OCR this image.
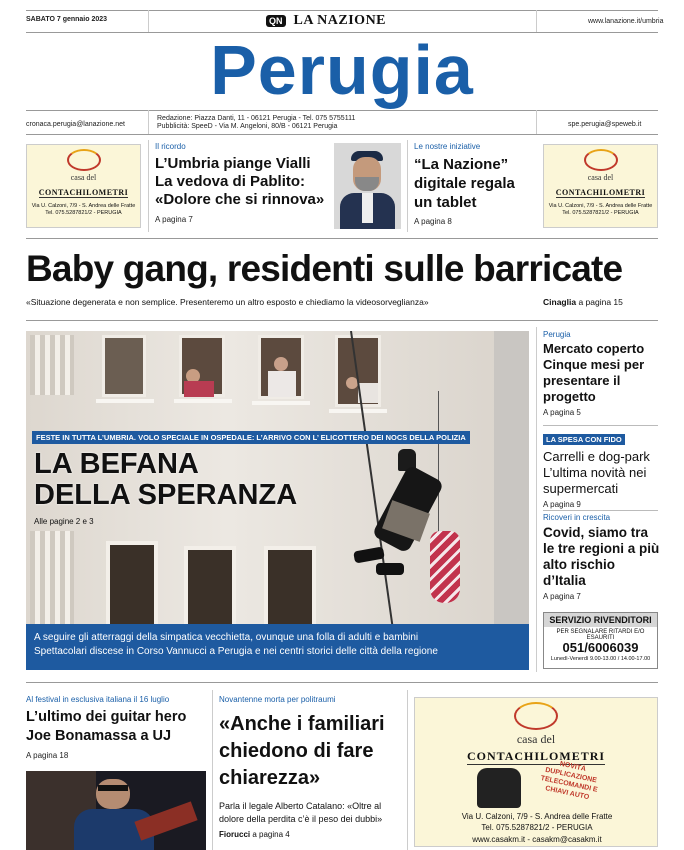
SABATO 7 gennaio 2023	QN LA NAZIONE	www.lanazione.it/umbria
Perugia
cronaca.perugia@lanazione.net
Redazione: Piazza Danti, 11 - 06121 Perugia - Tel. 075 5755111
Pubblicità: SpeeD - Via M. Angeloni, 80/B - 06121 Perugia	spe.perugia@speweb.it
casa del
CONTACHILOMETRI
Via U. Calzoni, 7/9 - S. Andrea delle Fratte
Tel. 075.5287821/2 - PERUGIA
Il ricordo
L’Umbria piange Vialli La vedova di Pablito: «Dolore che si rinnova»
A pagina 7
Le nostre iniziative
“La Nazione” digitale regala un tablet
A pagina 8
casa del
CONTACHILOMETRI
Via U. Calzoni, 7/9 - S. Andrea delle Fratte
Tel. 075.5287821/2 - PERUGIA
Baby gang, residenti sulle barricate
«Situazione degenerata e non semplice. Presenteremo un altro esposto e chiediamo la videosorveglianza»	Cinaglia a pagina 15
FESTE IN TUTTA L’UMBRIA. VOLO SPECIALE IN OSPEDALE: L’ARRIVO CON L’ ELICOTTERO DEI NOCS DELLA POLIZIA
LA BEFANA
DELLA SPERANZA
Alle pagine 2 e 3
A seguire gli atterraggi della simpatica vecchietta, ovunque una folla di adulti e bambini
Spettacolari discese in Corso Vannucci a Perugia e nei centri storici delle città della regione
Perugia
Mercato coperto Cinque mesi per presentare il progetto
A pagina 5
LA SPESA CON FIDO
Carrelli e dog-park L’ultima novità nei supermercati
A pagina 9
Ricoveri in crescita
Covid, siamo tra le tre regioni a più alto rischio d’Italia
A pagina 7
SERVIZIO RIVENDITORI
PER SEGNALARE RITARDI E/O ESAURITI
051/6006039
Lunedì-Venerdì 9.00-13.00 / 14.00-17.00
Al festival in esclusiva italiana il 16 luglio
L’ultimo dei guitar hero Joe Bonamassa a UJ
A pagina 18
Novantenne morta per politraumi
«Anche i familiari chiedono di fare chiarezza»
Parla il legale Alberto Catalano: «Oltre al dolore della perdita c’è il peso dei dubbi»
Fiorucci a pagina 4
casa del
CONTACHILOMETRI
NOVITÀ DUPLICAZIONE TELECOMANDI E CHIAVI AUTO
Via U. Calzoni, 7/9 - S. Andrea delle Fratte
Tel. 075.5287821/2 - PERUGIA
www.casakm.it - casakm@casakm.it
